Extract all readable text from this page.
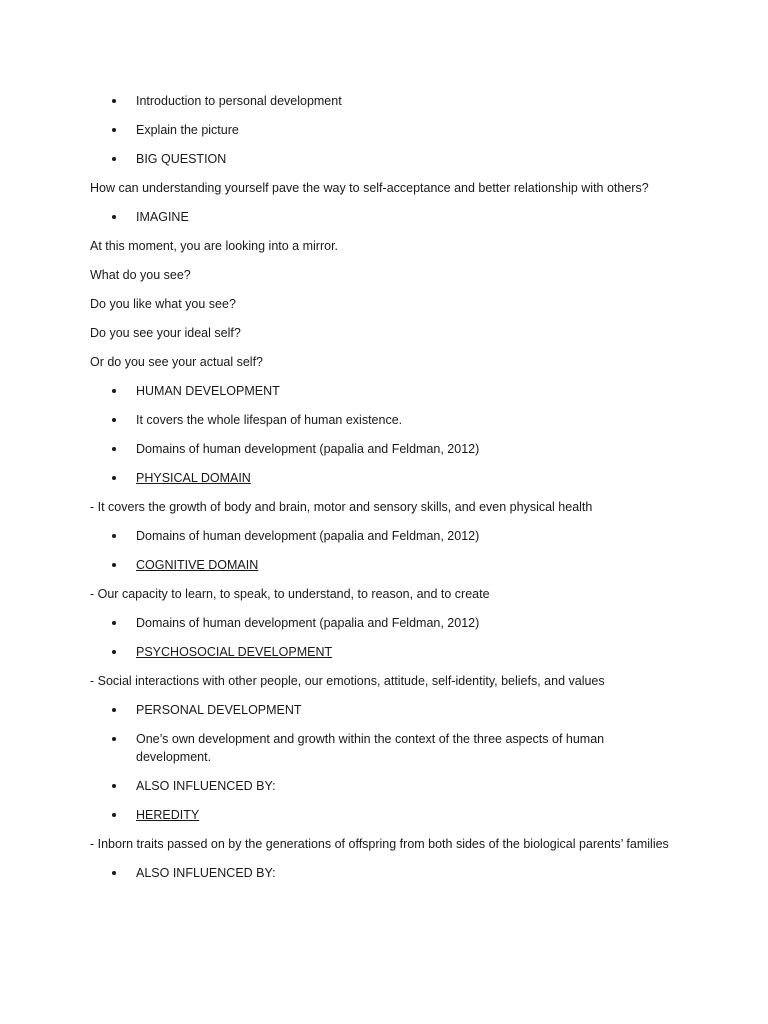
Introduction to personal development
Explain the picture
BIG QUESTION
How can understanding yourself pave the way to self-acceptance and better relationship with others?
IMAGINE
At this moment, you are looking into a mirror.
What do you see?
Do you like what you see?
Do you see your ideal self?
Or do you see your actual self?
HUMAN DEVELOPMENT
It covers the whole lifespan of human existence.
Domains of human development (papalia and Feldman, 2012)
PHYSICAL DOMAIN
- It covers the growth of body and brain, motor and sensory skills, and even physical health
Domains of human development (papalia and Feldman, 2012)
COGNITIVE DOMAIN
- Our capacity to learn, to speak, to understand, to reason, and to create
Domains of human development (papalia and Feldman, 2012)
PSYCHOSOCIAL DEVELOPMENT
- Social interactions with other people, our emotions, attitude, self-identity, beliefs, and values
PERSONAL DEVELOPMENT
One’s own development and growth within the context of the three aspects of human development.
ALSO INFLUENCED BY:
HEREDITY
- Inborn traits passed on by the generations of offspring from both sides of the biological parents’ families
ALSO INFLUENCED BY:
